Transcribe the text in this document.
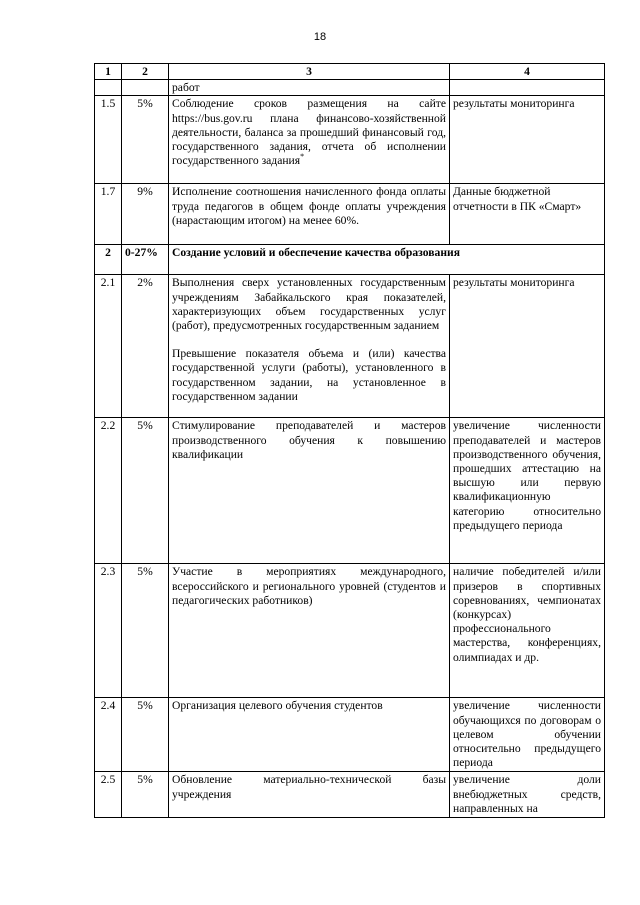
18
1	2	3	4
		работ	
1.5	5%	Соблюдение сроков размещения на сайте https://bus.gov.ru плана финансово-хозяйственной деятельности, баланса за прошедший финансовый год, государственного задания, отчета об исполнении государственного задания*	результаты мониторинга
1.7	9%	Исполнение соотношения начисленного фонда оплаты труда педагогов в общем фонде оплаты учреждения (нарастающим итогом) на менее 60%.	Данные бюджетной отчетности в ПК «Смарт»
2	0-27%	Создание условий и обеспечение качества образования	
2.1	2%	Выполнения сверх установленных государственным учреждениям Забайкальского края показателей, характеризующих объем государственных услуг (работ), предусмотренных государственным заданием
Превышение показателя объема и (или) качества государственной услуги (работы), установленного в государственном задании, на установленное в государственном задании	результаты мониторинга
2.2	5%	Стимулирование преподавателей и мастеров производственного обучения к повышению квалификации	увеличение численности преподавателей и мастеров производственного обучения, прошедших аттестацию на высшую или первую квалификационную категорию относительно предыдущего периода
2.3	5%	Участие в мероприятиях международного, всероссийского и регионального уровней (студентов и педагогических работников)	наличие победителей и/или призеров в спортивных соревнованиях, чемпионатах (конкурсах) профессионального мастерства, конференциях, олимпиадах и др.
2.4	5%	Организация целевого обучения студентов	увеличение численности обучающихся по договорам о целевом обучении относительно предыдущего периода
2.5	5%	Обновление материально-технической базы учреждения	увеличение доли внебюджетных средств, направленных на
